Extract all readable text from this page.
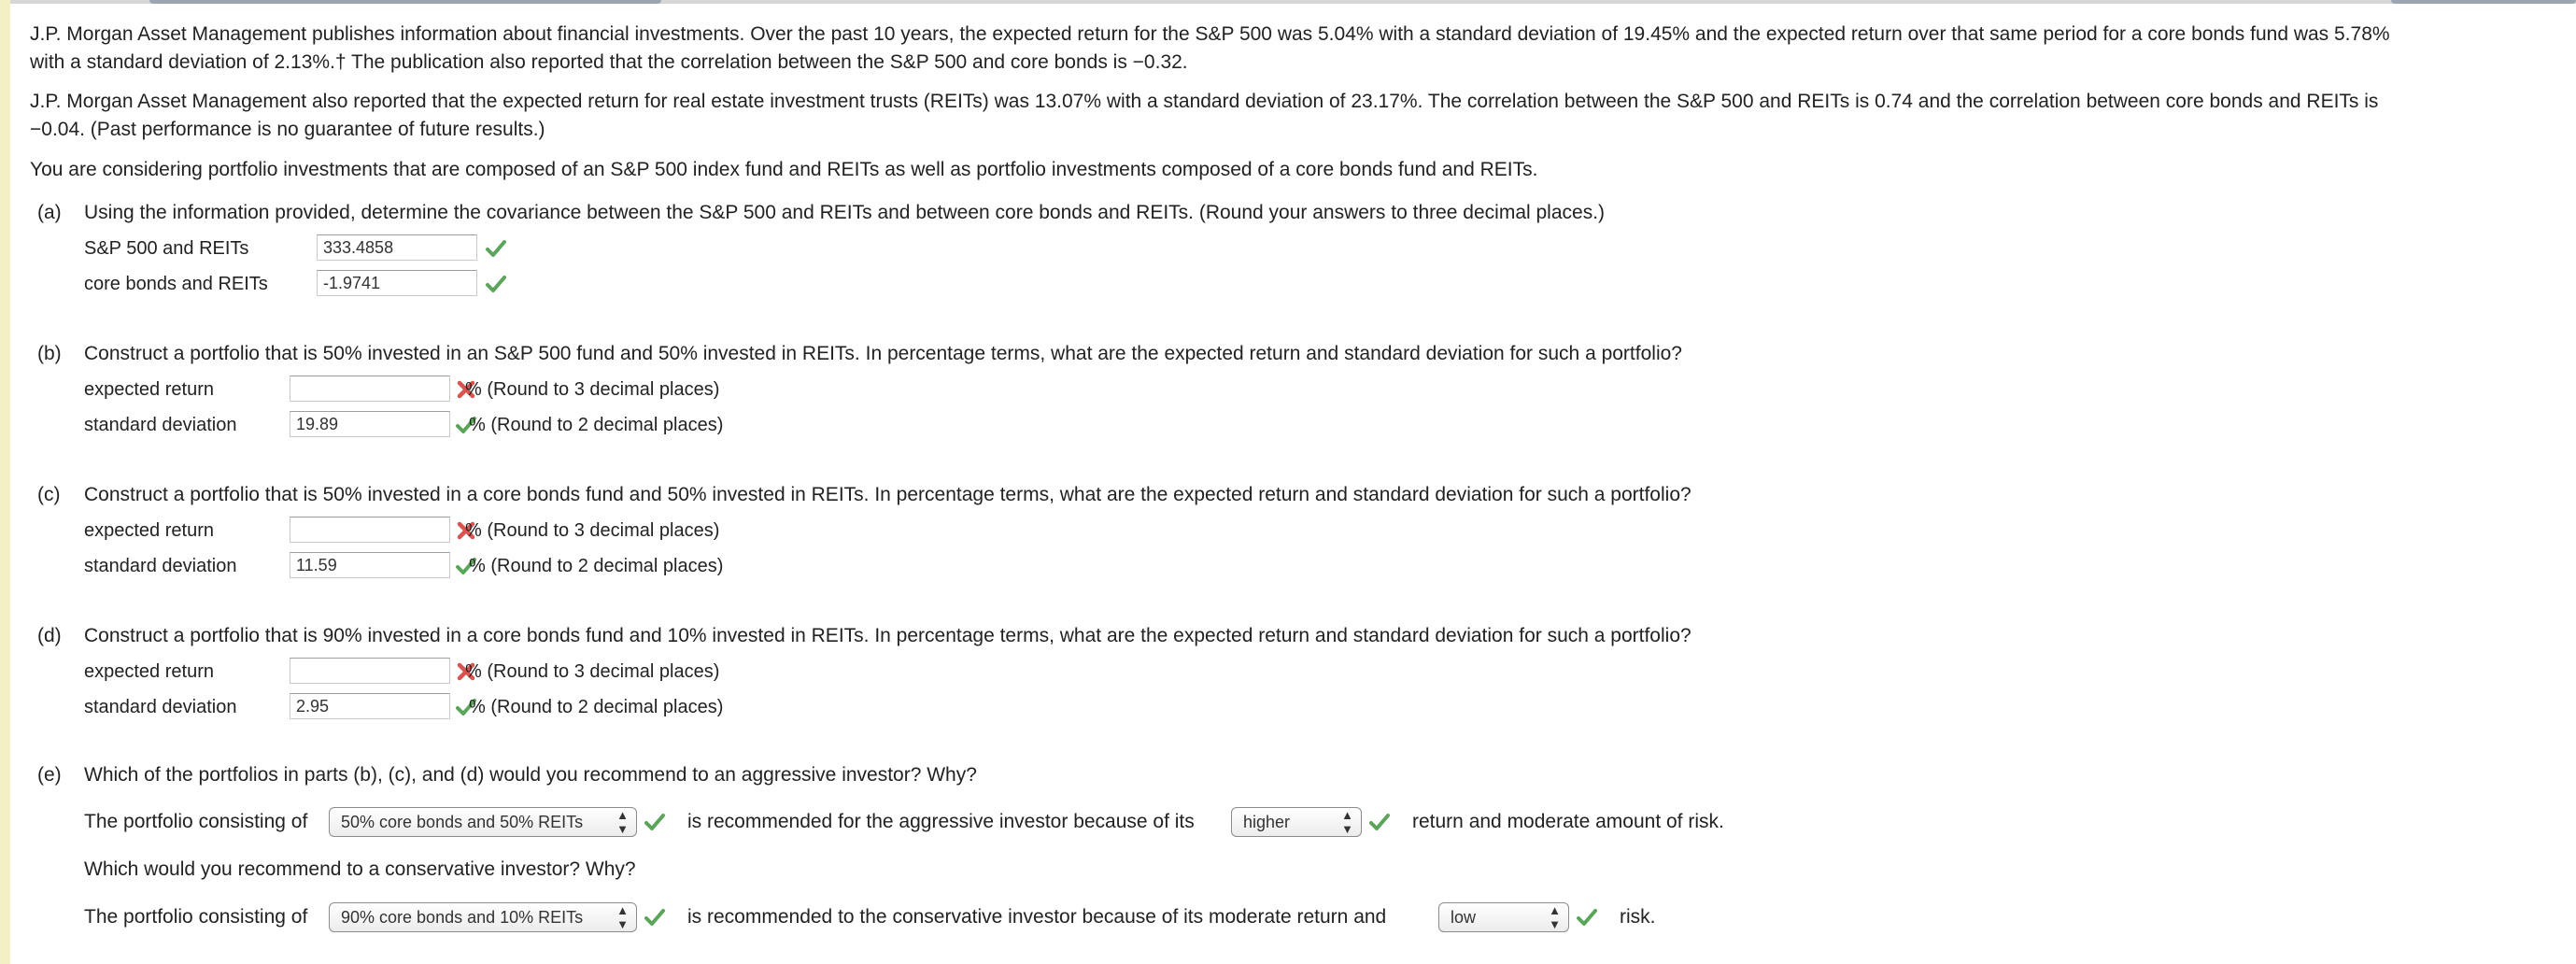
J.P. Morgan Asset Management publishes information about financial investments. Over the past 10 years, the expected return for the S&P 500 was 5.04% with a standard deviation of 19.45% and the expected return over that same period for a core bonds fund was 5.78%
with a standard deviation of 2.13%.† The publication also reported that the correlation between the S&P 500 and core bonds is −0.32.
J.P. Morgan Asset Management also reported that the expected return for real estate investment trusts (REITs) was 13.07% with a standard deviation of 23.17%. The correlation between the S&P 500 and REITs is 0.74 and the correlation between core bonds and REITs is
−0.04. (Past performance is no guarantee of future results.)
You are considering portfolio investments that are composed of an S&P 500 index fund and REITs as well as portfolio investments composed of a core bonds fund and REITs.
(a) Using the information provided, determine the covariance between the S&P 500 and REITs and between core bonds and REITs. (Round your answers to three decimal places.)
S&P 500 and REITs	333.4858
core bonds and REITs	-1.9741
(b) Construct a portfolio that is 50% invested in an S&P 500 fund and 50% invested in REITs. In percentage terms, what are the expected return and standard deviation for such a portfolio?
expected return	% (Round to 3 decimal places)
standard deviation	19.89	% (Round to 2 decimal places)
(c) Construct a portfolio that is 50% invested in a core bonds fund and 50% invested in REITs. In percentage terms, what are the expected return and standard deviation for such a portfolio?
expected return	% (Round to 3 decimal places)
standard deviation	11.59	% (Round to 2 decimal places)
(d) Construct a portfolio that is 90% invested in a core bonds fund and 10% invested in REITs. In percentage terms, what are the expected return and standard deviation for such a portfolio?
expected return	% (Round to 3 decimal places)
standard deviation	2.95	% (Round to 2 decimal places)
(e) Which of the portfolios in parts (b), (c), and (d) would you recommend to an aggressive investor? Why?
The portfolio consisting of	50% core bonds and 50% REITs	▲
▼	is recommended for the aggressive investor because of its	higher	▲
▼	return and moderate amount of risk.
Which would you recommend to a conservative investor? Why?
The portfolio consisting of	90% core bonds and 10% REITs	▲
▼	is recommended to the conservative investor because of its moderate return and	low	▲
▼	risk.
